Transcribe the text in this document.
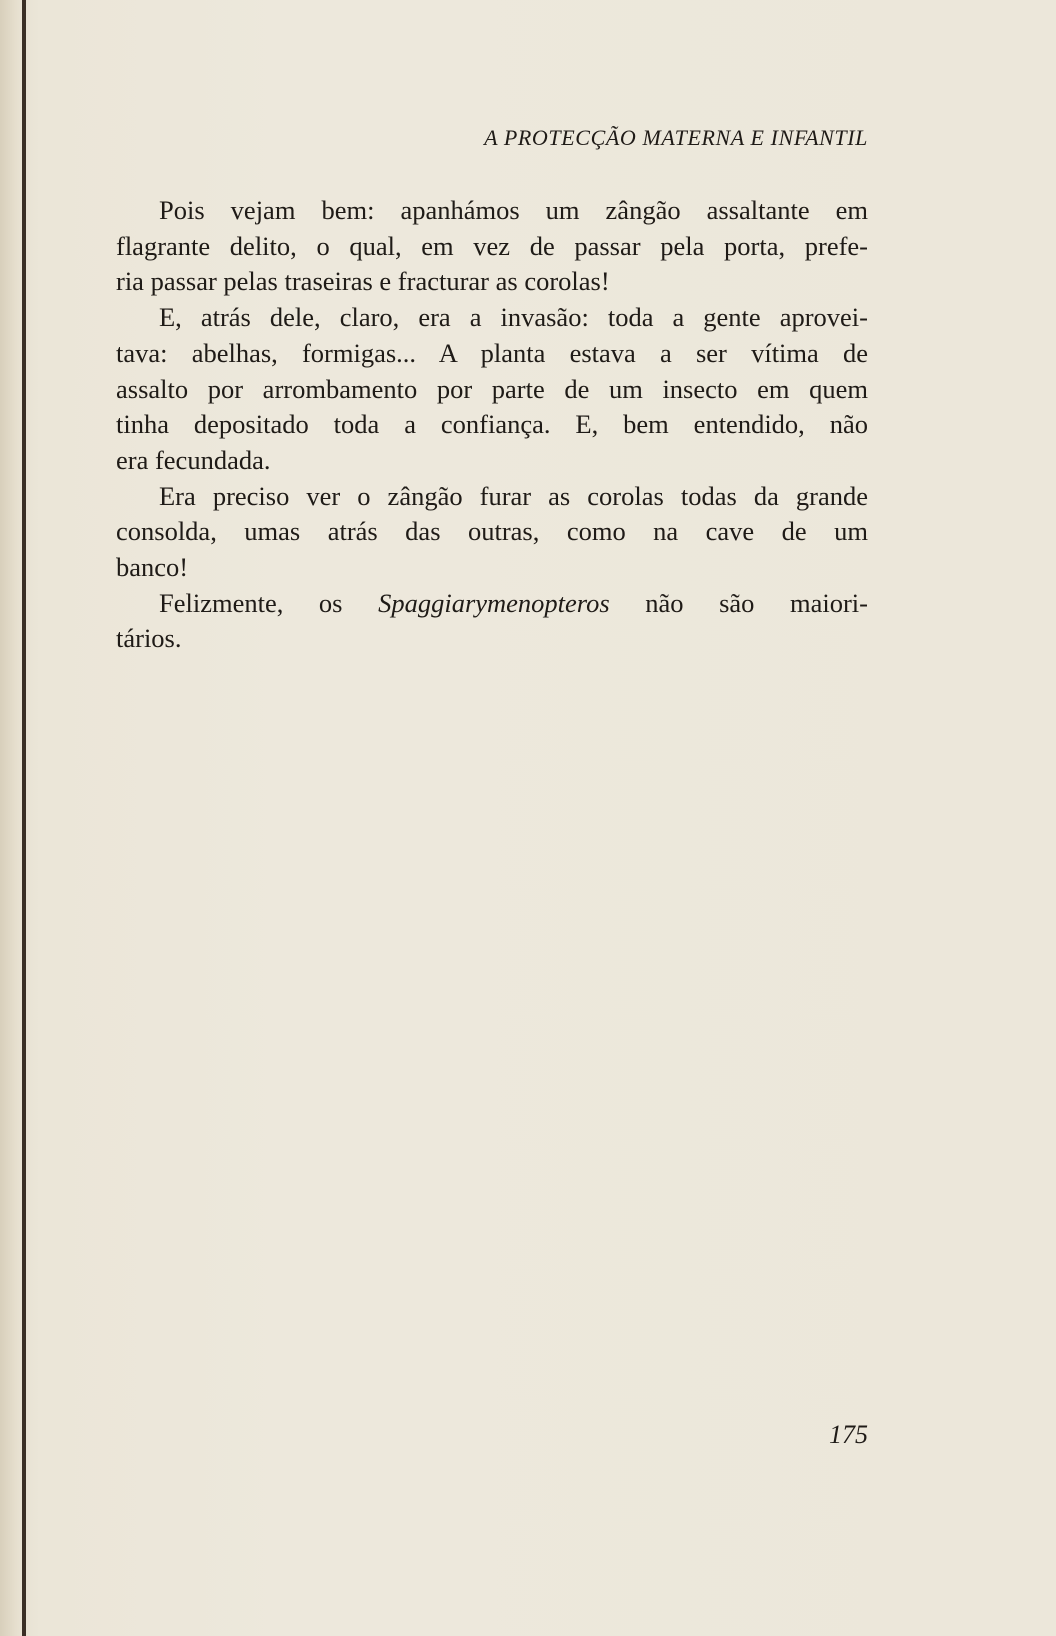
A PROTECÇÃO MATERNA E INFANTIL
Pois vejam bem: apanhámos um zângão assaltante em
flagrante delito, o qual, em vez de passar pela porta, prefe-
ria passar pelas traseiras e fracturar as corolas!
E, atrás dele, claro, era a invasão: toda a gente aprovei-
tava: abelhas, formigas... A planta estava a ser vítima de
assalto por arrombamento por parte de um insecto em quem
tinha depositado toda a confiança. E, bem entendido, não
era fecundada.
Era preciso ver o zângão furar as corolas todas da grande
consolda, umas atrás das outras, como na cave de um
banco!
Felizmente, os Spaggiarymenopteros não são maiori-
tários.
175
